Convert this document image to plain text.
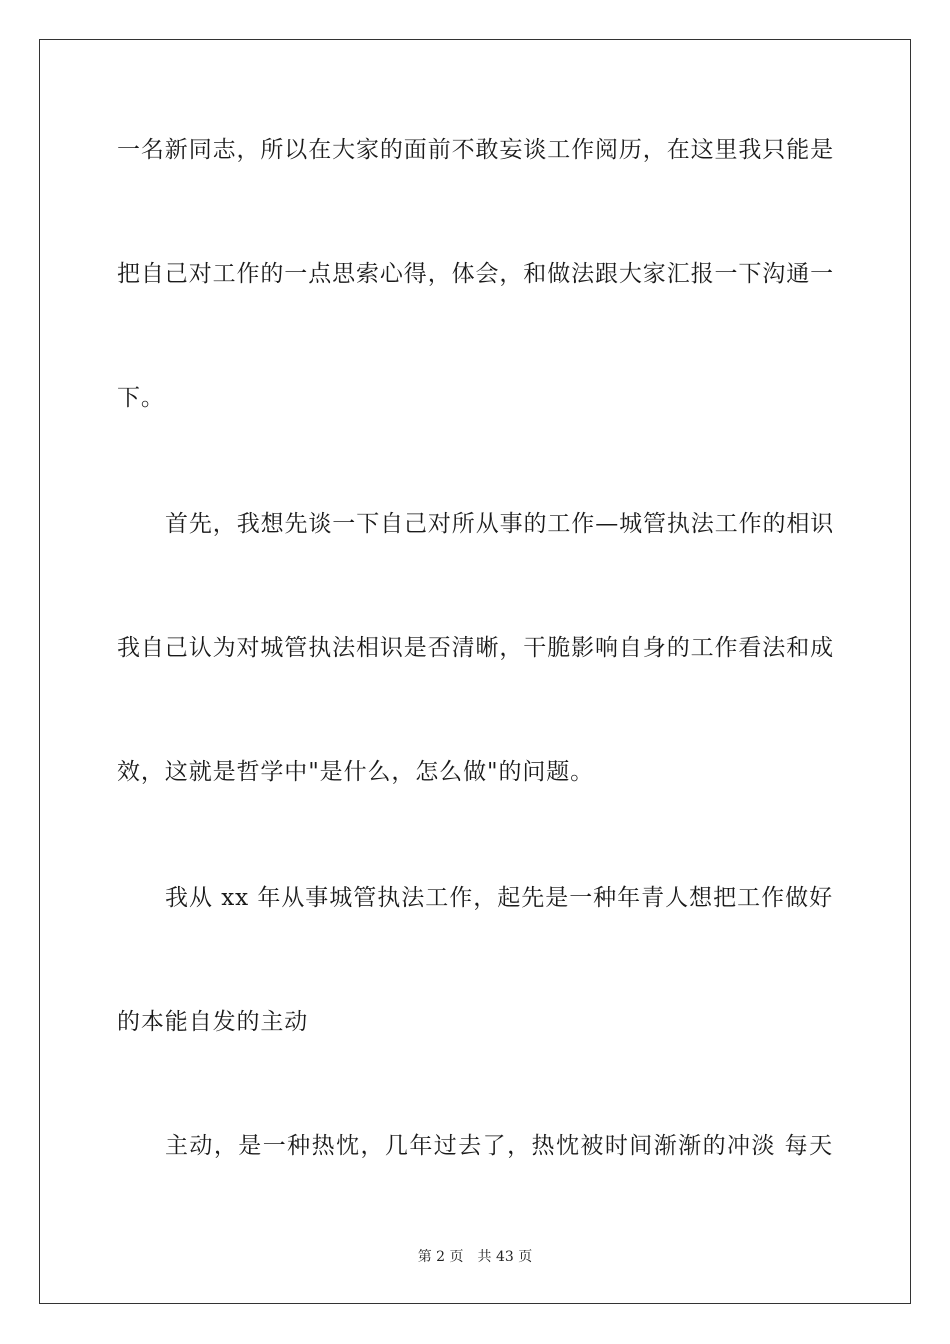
一名新同志，所以在大家的面前不敢妄谈工作阅历，在这里我只能是
把自己对工作的一点思索心得，体会，和做法跟大家汇报一下沟通一
下。
首先，我想先谈一下自己对所从事的工作—城管执法工作的相识
我自己认为对城管执法相识是否清晰，干脆影响自身的工作看法和成
效，这就是哲学中"是什么，怎么做"的问题。
我从 xx 年从事城管执法工作，起先是一种年青人想把工作做好
的本能自发的主动
主动，是一种热忱，几年过去了，热忱被时间渐渐的冲淡 每天
第 2 页 共 43 页
